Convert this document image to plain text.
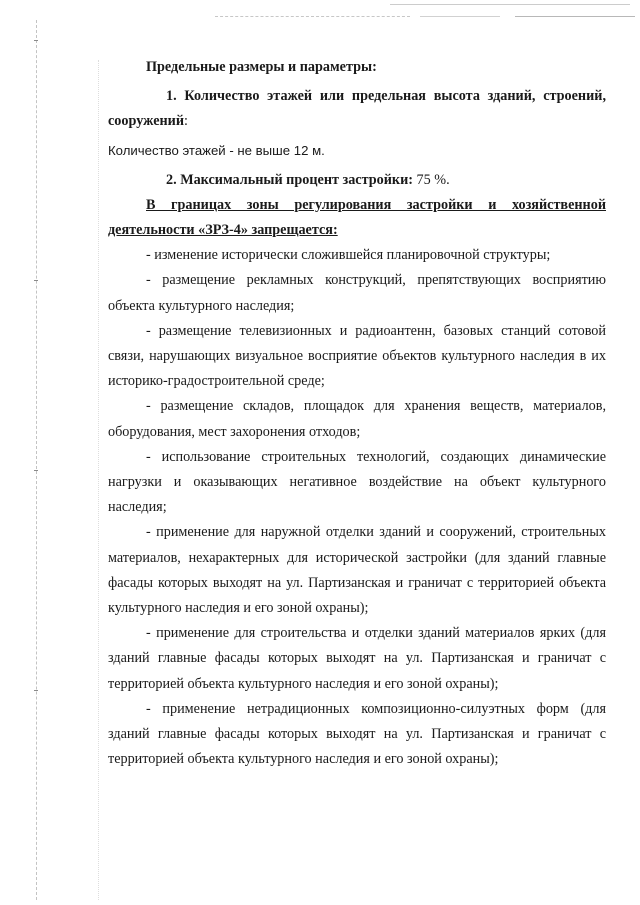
Предельные размеры и параметры:

1. Количество этажей или предельная высота зданий, строений, сооружений:

Количество этажей - не выше 12 м.

2. Максимальный процент застройки: 75 %.

В границах зоны регулирования застройки и хозяйственной деятельности «ЗРЗ-4» запрещается:

- изменение исторически сложившейся планировочной структуры;

- размещение рекламных конструкций, препятствующих восприятию объекта культурного наследия;

- размещение телевизионных и радиоантенн, базовых станций сотовой связи, нарушающих визуальное восприятие объектов культурного наследия в их историко-градостроительной среде;

- размещение складов, площадок для хранения веществ, материалов, оборудования, мест захоронения отходов;

- использование строительных технологий, создающих динамические нагрузки и оказывающих негативное воздействие на объект культурного наследия;

- применение для наружной отделки зданий и сооружений, строительных материалов, нехарактерных для исторической застройки (для зданий главные фасады которых выходят на ул. Партизанская и граничат с территорией объекта культурного наследия и его зоной охраны);

- применение для строительства и отделки зданий материалов ярких (для зданий главные фасады которых выходят на ул. Партизанская и граничат с территорией объекта культурного наследия и его зоной охраны);

- применение нетрадиционных композиционно-силуэтных форм (для зданий главные фасады которых выходят на ул. Партизанская и граничат с территорией объекта культурного наследия и его зоной охраны);
